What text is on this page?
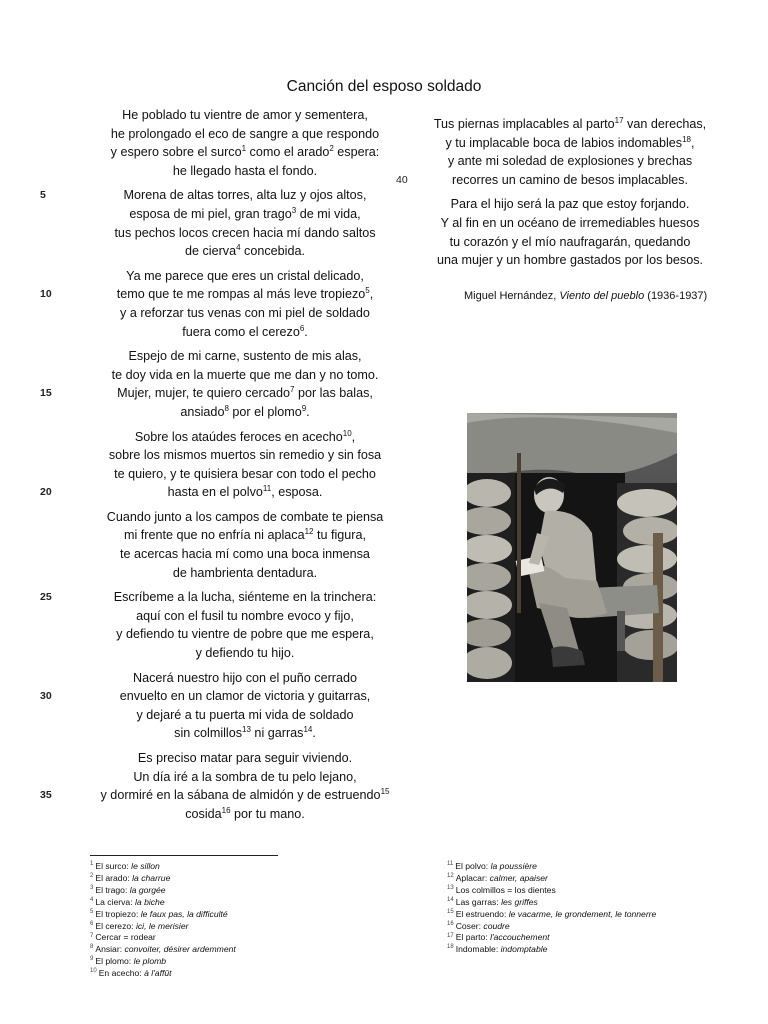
Canción del esposo soldado
He poblado tu vientre de amor y sementera,
he prolongado el eco de sangre a que respondo
y espero sobre el surco$^1$ como el arado$^2$ espera:
he llegado hasta el fondo.
Morena de altas torres, alta luz y ojos altos,
5
esposa de mi piel, gran trago$^3$ de mi vida,
tus pechos locos crecen hacia mí dando saltos
de cierva$^4$ concebida.
Ya me parece que eres un cristal delicado,
temo que te me rompas al más leve tropiezo$^5$,
10
y a reforzar tus venas con mi piel de soldado
fuera como el cerezo$^6$.
Espejo de mi carne, sustento de mis alas,
te doy vida en la muerte que me dan y no tomo.
Mujer, mujer, te quiero cercado$^7$ por las balas,
15
ansiado$^8$ por el plomo$^9$.
Sobre los ataúdes feroces en acecho$^{10}$,
sobre los mismos muertos sin remedio y sin fosa
te quiero, y te quisiera besar con todo el pecho
hasta en el polvo$^{11}$, esposa.
20
Cuando junto a los campos de combate te piensa
mi frente que no enfría ni aplaca$^{12}$ tu figura,
te acercas hacia mí como una boca inmensa
de hambrienta dentadura.
Escríbeme a la lucha, siénteme en la trinchera:
25
aquí con el fusil tu nombre evoco y fijo,
y defiendo tu vientre de pobre que me espera,
y defiendo tu hijo.
Nacerá nuestro hijo con el puño cerrado
envuelto en un clamor de victoria y guitarras,
30
y dejaré a tu puerta mi vida de soldado
sin colmillos$^{13}$ ni garras$^{14}$.
Es preciso matar para seguir viviendo.
Un día iré a la sombra de tu pelo lejano,
y dormiré en la sábana de almidón y de estruendo$^{15}$
35
cosida$^{16}$ por tu mano.
Tus piernas implacables al parto$^{17}$ van derechas,
y tu implacable boca de labios indomables$^{18}$,
y ante mi soledad de explosiones y brechas
recorres un camino de besos implacables.
40
Para el hijo será la paz que estoy forjando.
Y al fin en un océano de irremediables huesos
tu corazón y el mío naufragarán, quedando
una mujer y un hombre gastados por los besos.
Miguel Hernández, Viento del pueblo (1936-1937)
$^1$ El surco: le sillon
$^2$ El arado: la charrue
$^3$ El trago: la gorgée
$^4$ La cierva: la biche
$^5$ El tropiezo: le faux pas, la difficulté
$^6$ El cerezo: ici, le merisier
$^7$ Cercar = rodear
$^8$ Ansiar: convoiter, désirer ardemment
$^9$ El plomo: le plomb
$^{10}$ En acecho: à l'affût
$^{11}$ El polvo: la poussière
$^{12}$ Aplacar: calmer, apaiser
$^{13}$ Los colmillos = los dientes
$^{14}$ Las garras: les griffes
$^{15}$ El estruendo: le vacarme, le grondement, le tonnerre
$^{16}$ Coser: coudre
$^{17}$ El parto: l'accouchement
$^{18}$ Indomable: indomptable
